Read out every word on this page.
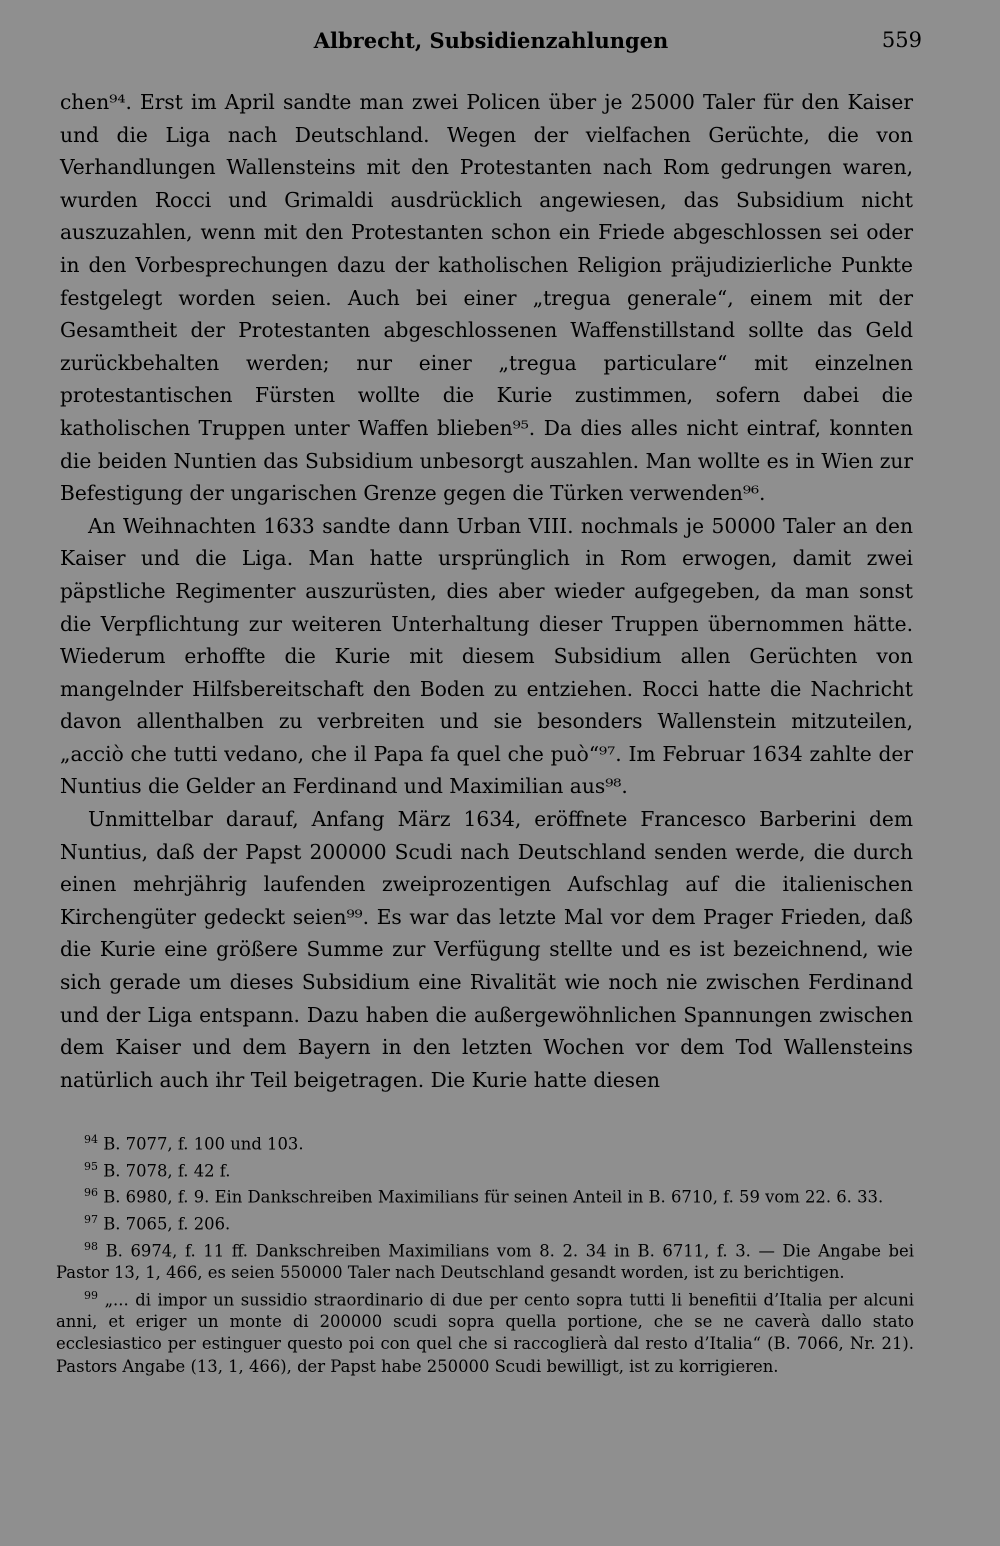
Albrecht, Subsidienzahlungen	559

chen⁹⁴. Erst im April sandte man zwei Policen über je 25000 Taler für den Kaiser und die Liga nach Deutschland. Wegen der vielfachen Gerüchte, die von Verhandlungen Wallensteins mit den Protestanten nach Rom gedrungen waren, wurden Rocci und Grimaldi ausdrücklich angewiesen, das Subsidium nicht auszuzahlen, wenn mit den Protestanten schon ein Friede abgeschlossen sei oder in den Vorbesprechungen dazu der katholischen Religion präjudizierliche Punkte festgelegt worden seien. Auch bei einer „tregua generale“, einem mit der Gesamtheit der Protestanten abgeschlossenen Waffenstillstand sollte das Geld zurückbehalten werden; nur einer „tregua particulare“ mit einzelnen protestantischen Fürsten wollte die Kurie zustimmen, sofern dabei die katholischen Truppen unter Waffen blieben⁹⁵. Da dies alles nicht eintraf, konnten die beiden Nuntien das Subsidium unbesorgt auszahlen. Man wollte es in Wien zur Befestigung der ungarischen Grenze gegen die Türken verwenden⁹⁶.

An Weihnachten 1633 sandte dann Urban VIII. nochmals je 50000 Taler an den Kaiser und die Liga. Man hatte ursprünglich in Rom erwogen, damit zwei päpstliche Regimenter auszurüsten, dies aber wieder aufgegeben, da man sonst die Verpflichtung zur weiteren Unterhaltung dieser Truppen übernommen hätte. Wiederum erhoffte die Kurie mit diesem Subsidium allen Gerüchten von mangelnder Hilfsbereitschaft den Boden zu entziehen. Rocci hatte die Nachricht davon allenthalben zu verbreiten und sie besonders Wallenstein mitzuteilen, „acciò che tutti vedano, che il Papa fa quel che può“⁹⁷. Im Februar 1634 zahlte der Nuntius die Gelder an Ferdinand und Maximilian aus⁹⁸.

Unmittelbar darauf, Anfang März 1634, eröffnete Francesco Barberini dem Nuntius, daß der Papst 200000 Scudi nach Deutschland senden werde, die durch einen mehrjährig laufenden zweiprozentigen Aufschlag auf die italienischen Kirchengüter gedeckt seien⁹⁹. Es war das letzte Mal vor dem Prager Frieden, daß die Kurie eine größere Summe zur Verfügung stellte und es ist bezeichnend, wie sich gerade um dieses Subsidium eine Rivalität wie noch nie zwischen Ferdinand und der Liga entspann. Dazu haben die außergewöhnlichen Spannungen zwischen dem Kaiser und dem Bayern in den letzten Wochen vor dem Tod Wallensteins natürlich auch ihr Teil beigetragen. Die Kurie hatte diesen

$^{94}$ B. 7077, f. 100 und 103.

$^{95}$ B. 7078, f. 42 f.

$^{96}$ B. 6980, f. 9. Ein Dankschreiben Maximilians für seinen Anteil in B. 6710, f. 59 vom 22. 6. 33.

$^{97}$ B. 7065, f. 206.

$^{98}$ B. 6974, f. 11 ff. Dankschreiben Maximilians vom 8. 2. 34 in B. 6711, f. 3. — Die Angabe bei Pastor 13, 1, 466, es seien 550000 Taler nach Deutschland gesandt worden, ist zu berichtigen.

$^{99}$ „... di impor un sussidio straordinario di due per cento sopra tutti li benefitii d’Italia per alcuni anni, et eriger un monte di 200000 scudi sopra quella portione, che se ne caverà dallo stato ecclesiastico per estinguer questo poi con quel che si raccoglierà dal resto d’Italia“ (B. 7066, Nr. 21). Pastors Angabe (13, 1, 466), der Papst habe 250000 Scudi bewilligt, ist zu korrigieren.
